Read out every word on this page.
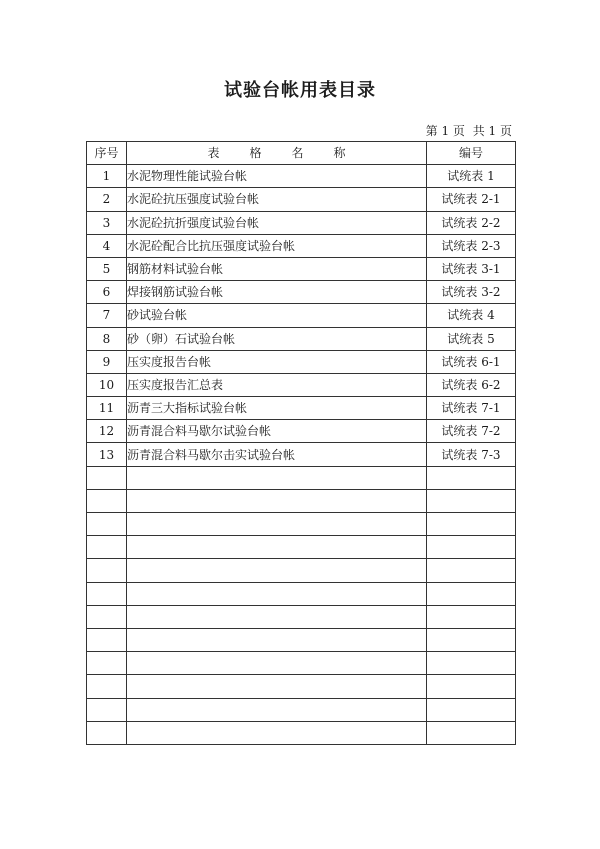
试验台帐用表目录
第 1 页 共 1 页
序号	表格名称	编号
1	水泥物理性能试验台帐	试统表 1
2	水泥砼抗压强度试验台帐	试统表 2-1
3	水泥砼抗折强度试验台帐	试统表 2-2
4	水泥砼配合比抗压强度试验台帐	试统表 2-3
5	钢筋材料试验台帐	试统表 3-1
6	焊接钢筋试验台帐	试统表 3-2
7	砂试验台帐	试统表 4
8	砂（卵）石试验台帐	试统表 5
9	压实度报告台帐	试统表 6-1
10	压实度报告汇总表	试统表 6-2
11	沥青三大指标试验台帐	试统表 7-1
12	沥青混合料马歇尔试验台帐	试统表 7-2
13	沥青混合料马歇尔击实试验台帐	试统表 7-3
